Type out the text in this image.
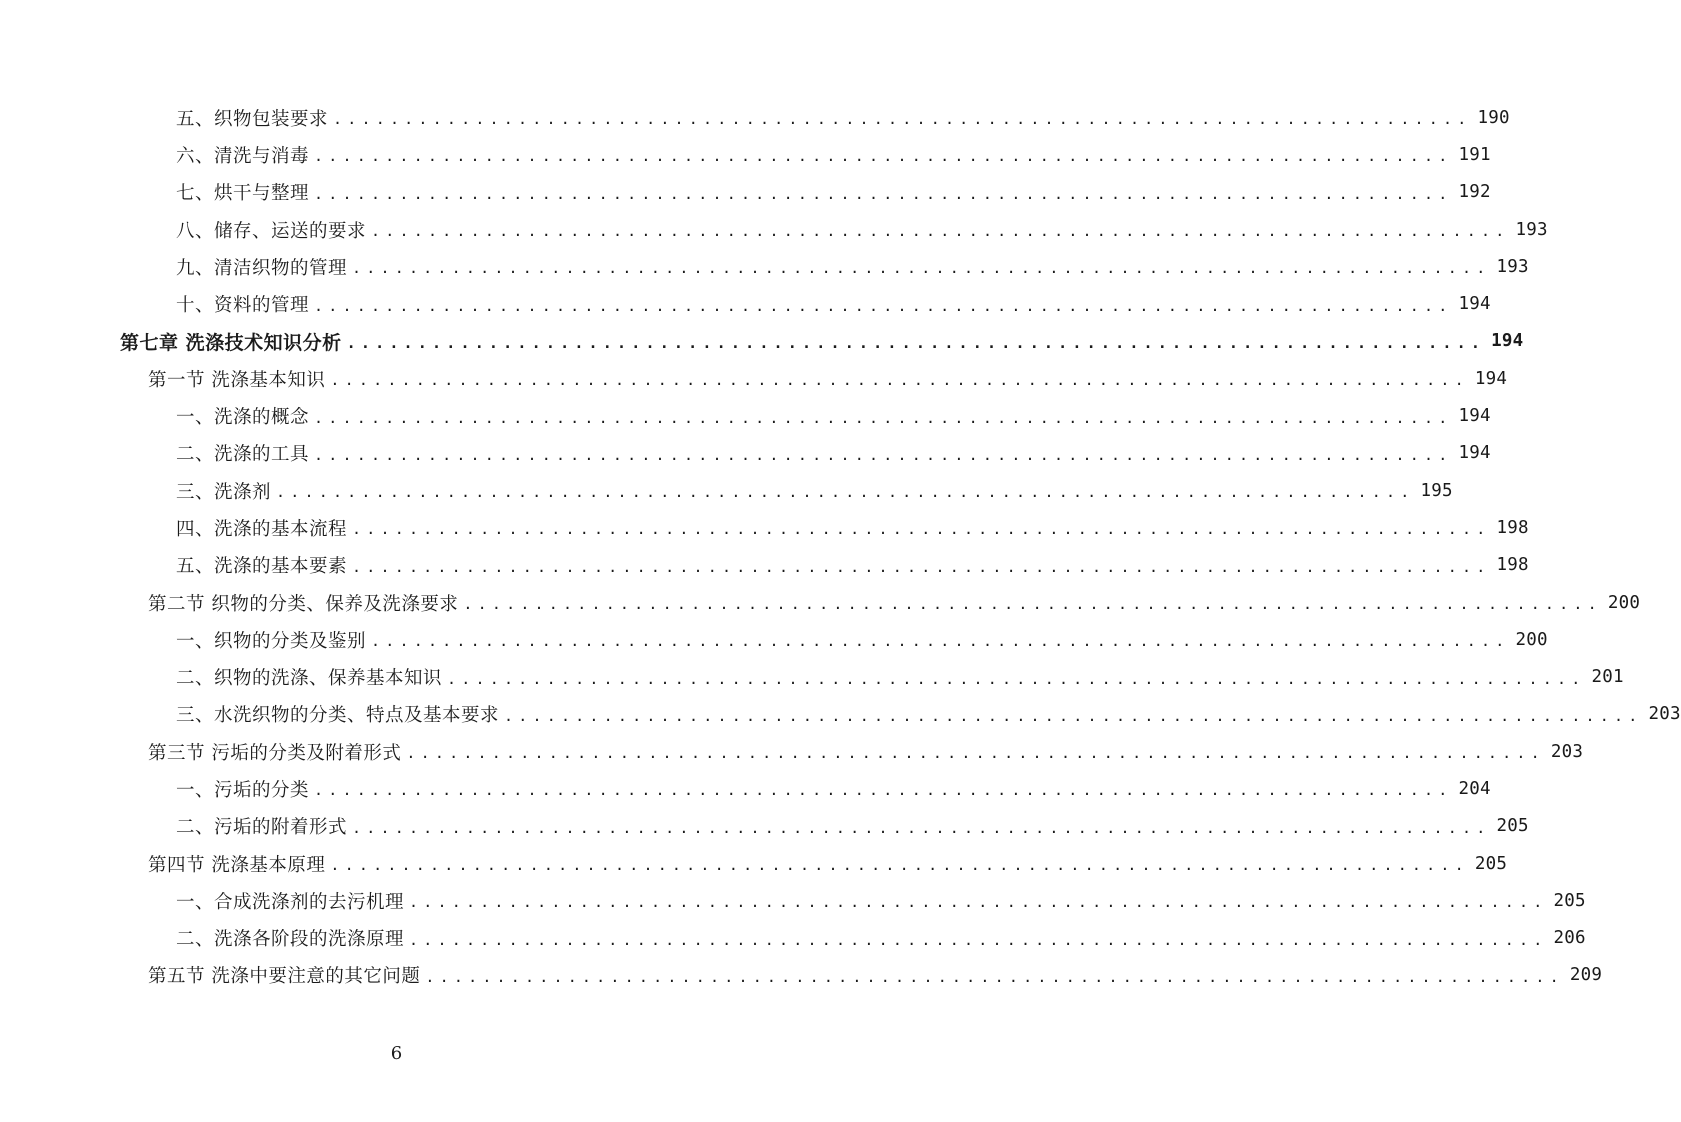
五、织物包装要求 ................................................................................ 190
六、清洗与消毒 ................................................................................ 191
七、烘干与整理 ................................................................................ 192
八、储存、运送的要求 ................................................................................ 193
九、清洁织物的管理 ................................................................................ 193
十、资料的管理 ................................................................................ 194
第七章 洗涤技术知识分析 ................................................................................ 194
第一节 洗涤基本知识 ................................................................................ 194
一、洗涤的概念 ................................................................................ 194
二、洗涤的工具 ................................................................................ 194
三、洗涤剂 ................................................................................ 195
四、洗涤的基本流程 ................................................................................ 198
五、洗涤的基本要素 ................................................................................ 198
第二节 织物的分类、保养及洗涤要求 ................................................................................ 200
一、织物的分类及鉴别 ................................................................................ 200
二、织物的洗涤、保养基本知识 ................................................................................ 201
三、水洗织物的分类、特点及基本要求 ................................................................................ 203
第三节 污垢的分类及附着形式 ................................................................................ 203
一、污垢的分类 ................................................................................ 204
二、污垢的附着形式 ................................................................................ 205
第四节 洗涤基本原理 ................................................................................ 205
一、合成洗涤剂的去污机理 ................................................................................ 205
二、洗涤各阶段的洗涤原理 ................................................................................ 206
第五节 洗涤中要注意的其它问题 ................................................................................ 209
6
